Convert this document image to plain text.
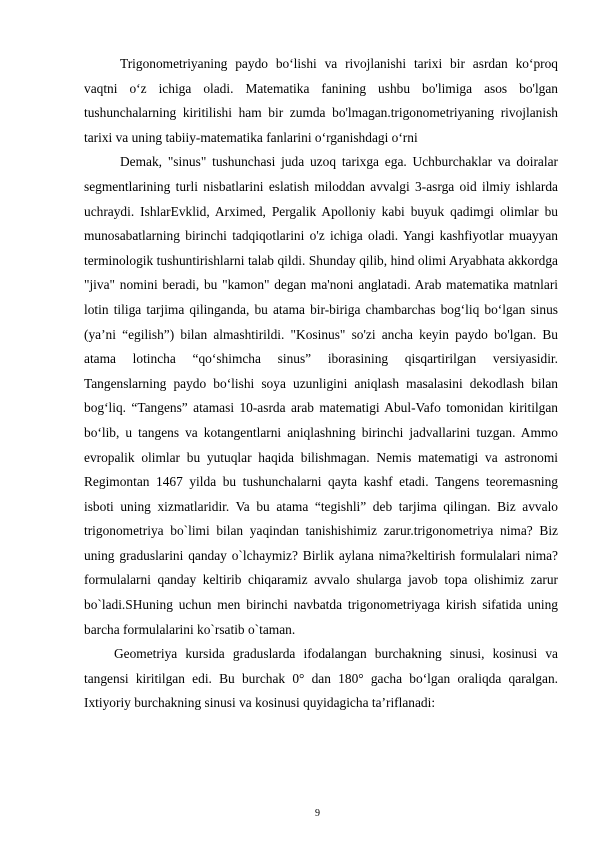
Trigonometriyaning paydo bo‘lishi va rivojlanishi tarixi bir asrdan ko‘proq vaqtni o‘z ichiga oladi. Matematika fanining ushbu bo'limiga asos bo'lgan tushunchalarning kiritilishi ham bir zumda bo'lmagan.trigonometriyaning rivojlanish tarixi va uning tabiiy-matematika fanlarini o‘rganishdagi o‘rni

Demak, "sinus" tushunchasi juda uzoq tarixga ega. Uchburchaklar va doiralar segmentlarining turli nisbatlarini eslatish miloddan avvalgi 3-asrga oid ilmiy ishlarda uchraydi. IshlarEvklid, Arximed, Pergalik Apolloniy kabi buyuk qadimgi olimlar bu munosabatlarning birinchi tadqiqotlarini o'z ichiga oladi. Yangi kashfiyotlar muayyan terminologik tushuntirishlarni talab qildi. Shunday qilib, hind olimi Aryabhata akkordga "jiva" nomini beradi, bu "kamon" degan ma'noni anglatadi. Arab matematika matnlari lotin tiliga tarjima qilinganda, bu atama bir-biriga chambarchas bog‘liq bo‘lgan sinus (ya’ni “egilish”) bilan almashtirildi. "Kosinus" so'zi ancha keyin paydo bo'lgan. Bu atama lotincha “qo‘shimcha sinus” iborasining qisqartirilgan versiyasidir. Tangenslarning paydo bo‘lishi soya uzunligini aniqlash masalasini dekodlash bilan bog‘liq. “Tangens” atamasi 10-asrda arab matematigi Abul-Vafo tomonidan kiritilgan bo‘lib, u tangens va kotangentlarni aniqlashning birinchi jadvallarini tuzgan. Ammo evropalik olimlar bu yutuqlar haqida bilishmagan. Nemis matematigi va astronomi Regimontan 1467 yilda bu tushunchalarni qayta kashf etadi. Tangens teoremasning isboti uning xizmatlaridir. Va bu atama “tegishli” deb tarjima qilingan. Biz avvalo trigonometriya bo`limi bilan yaqindan tanishishimiz zarur.trigonometriya nima? Biz uning graduslarini qanday o`lchaymiz? Birlik aylana nima?keltirish formulalari nima?formulalarni qanday keltirib chiqaramiz avvalo shularga javob topa olishimiz zarur bo`ladi.SHuning uchun men birinchi navbatda trigonometriyaga kirish sifatida uning barcha formulalarini ko`rsatib o`taman.

Geometriya kursida graduslarda ifodalangan burchakning sinusi, kosinusi va tangensi kiritilgan edi. Bu burchak 0° dan 180° gacha bo‘lgan oraliqda qaralgan. Ixtiyoriy burchakning sinusi va kosinusi quyidagicha ta’riflanadi:

9
